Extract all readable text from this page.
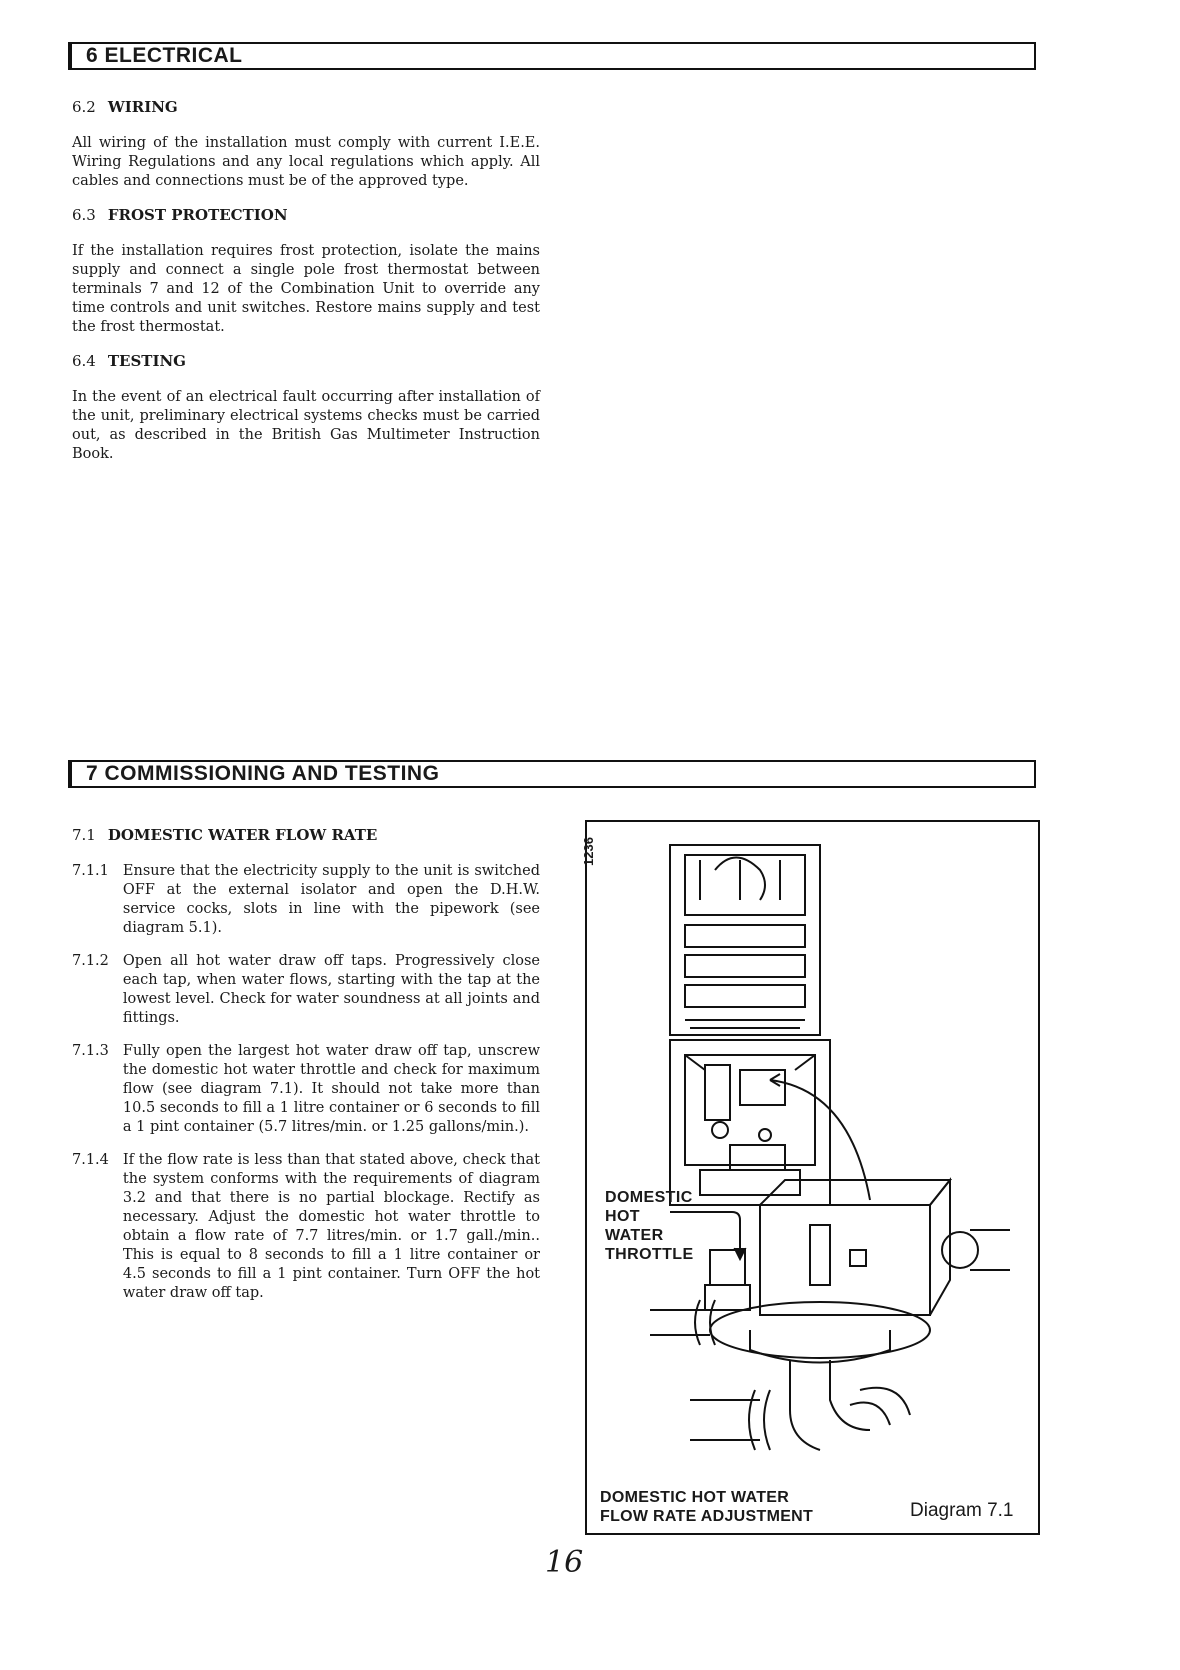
6 ELECTRICAL

6.2 WIRING

All wiring of the installation must comply with current I.E.E. Wiring Regulations and any local regulations which apply. All cables and connections must be of the approved type.

6.3 FROST PROTECTION

If the installation requires frost protection, isolate the mains supply and connect a single pole frost thermostat between terminals 7 and 12 of the Combination Unit to override any time controls and unit switches. Restore mains supply and test the frost thermostat.

6.4 TESTING

In the event of an electrical fault occurring after installation of the unit, preliminary electrical systems checks must be carried out, as described in the British Gas Multimeter Instruction Book.

7 COMMISSIONING AND TESTING

7.1 DOMESTIC WATER FLOW RATE

7.1.1 Ensure that the electricity supply to the unit is switched OFF at the external isolator and open the D.H.W. service cocks, slots in line with the pipework (see diagram 5.1).
7.1.2 Open all hot water draw off taps. Progressively close each tap, when water flows, starting with the tap at the lowest level. Check for water soundness at all joints and fittings.
7.1.3 Fully open the largest hot water draw off tap, unscrew the domestic hot water throttle and check for maximum flow (see diagram 7.1). It should not take more than 10.5 seconds to fill a 1 litre container or 6 seconds to fill a 1 pint container (5.7 litres/min. or 1.25 gallons/min.).
7.1.4 If the flow rate is less than that stated above, check that the system conforms with the requirements of diagram 3.2 and that there is no partial blockage. Rectify as necessary. Adjust the domestic hot water throttle to obtain a flow rate of 7.7 litres/min. or 1.7 gall./min.. This is equal to 8 seconds to fill a 1 litre container or 4.5 seconds to fill a 1 pint container. Turn OFF the hot water draw off tap.
1236
DOMESTIC
HOT
WATER
THROTTLE
DOMESTIC HOT WATER
FLOW RATE ADJUSTMENT	Diagram 7.1
16
